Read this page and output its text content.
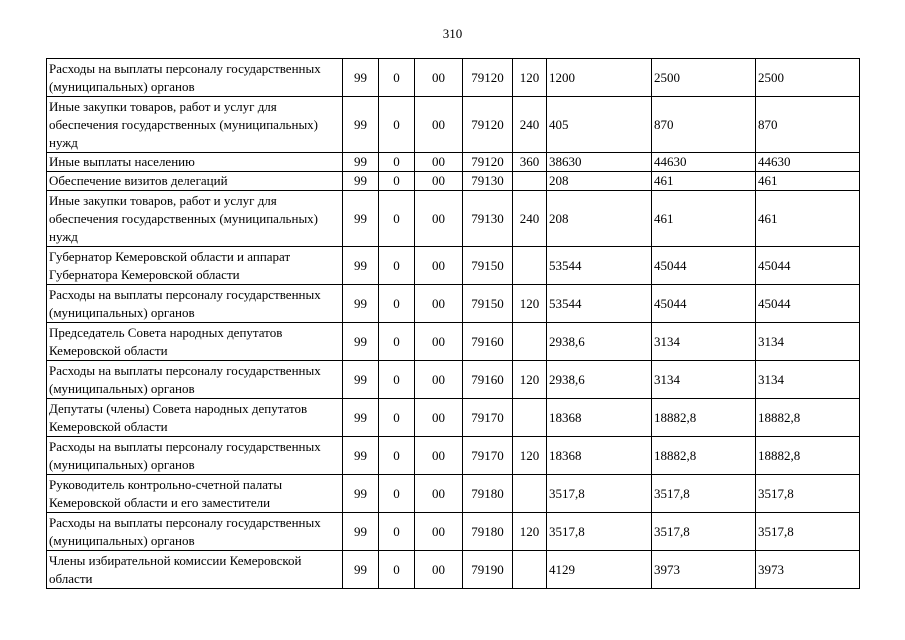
310
Расходы на выплаты персоналу государственных (муниципальных) органов	99	0	00	79120	120	1200	2500	2500
Иные закупки товаров, работ и услуг для обеспечения государственных (муниципальных) нужд	99	0	00	79120	240	405	870	870
Иные выплаты населению	99	0	00	79120	360	38630	44630	44630
Обеспечение визитов делегаций	99	0	00	79130		208	461	461
Иные закупки товаров, работ и услуг для обеспечения государственных (муниципальных) нужд	99	0	00	79130	240	208	461	461
Губернатор Кемеровской области и аппарат Губернатора Кемеровской области	99	0	00	79150		53544	45044	45044
Расходы на выплаты персоналу государственных (муниципальных) органов	99	0	00	79150	120	53544	45044	45044
Председатель Совета народных депутатов Кемеровской области	99	0	00	79160		2938,6	3134	3134
Расходы на выплаты персоналу государственных (муниципальных) органов	99	0	00	79160	120	2938,6	3134	3134
Депутаты (члены) Совета народных депутатов Кемеровской области	99	0	00	79170		18368	18882,8	18882,8
Расходы на выплаты персоналу государственных (муниципальных) органов	99	0	00	79170	120	18368	18882,8	18882,8
Руководитель контрольно-счетной палаты Кемеровской области и его заместители	99	0	00	79180		3517,8	3517,8	3517,8
Расходы на выплаты персоналу государственных (муниципальных) органов	99	0	00	79180	120	3517,8	3517,8	3517,8
Члены избирательной комиссии Кемеровской области	99	0	00	79190		4129	3973	3973
